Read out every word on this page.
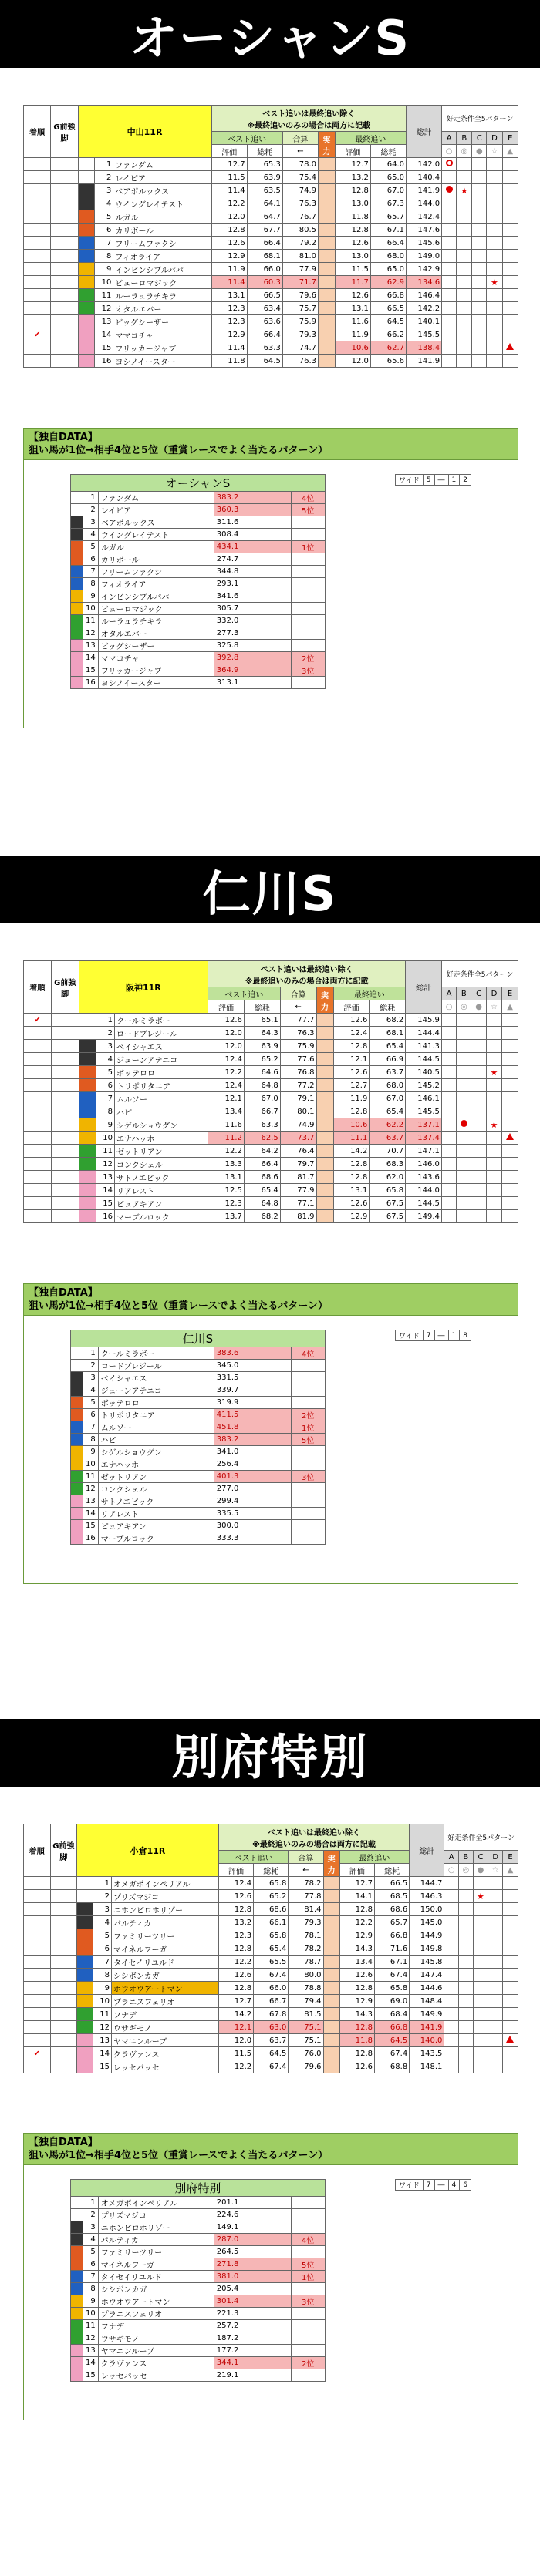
オーシャンS
着順	G前強脚	中山11R			ベスト追いは最終追い除く
※最終追いのみの場合は両方に記載						総計	好走条件全5パターン				
					ベスト追い		合算	実力	最終追い			A	B	C	D	E
					評価	総耗	←		評価	総耗		○	◎	●	☆	▲
			1	ファンダム	12.7	65.3	78.0		12.7	64.0	142.0					
			2	レイピア	11.5	63.9	75.4		13.2	65.0	140.4					
			3	ベアポルックス	11.4	63.5	74.9		12.8	67.0	141.9		★			
			4	ウイングレイテスト	12.2	64.1	76.3		13.0	67.3	144.0					
			5	ルガル	12.0	64.7	76.7		11.8	65.7	142.4					
			6	カリボール	12.8	67.7	80.5		12.8	67.1	147.6					
			7	フリームファクシ	12.6	66.4	79.2		12.6	66.4	145.6					
			8	フィオライア	12.9	68.1	81.0		13.0	68.0	149.0					
			9	インビンシブルパパ	11.9	66.0	77.9		11.5	65.0	142.9					
			10	ビューロマジック	11.4	60.3	71.7		11.7	62.9	134.6				★	
			11	ルーラュラチキラ	13.1	66.5	79.6		12.6	66.8	146.4					
			12	オタルエバー	12.3	63.4	75.7		13.1	66.5	142.2					
			13	ビッグシーザー	12.3	63.6	75.9		11.6	64.5	140.1					
✔			14	ママコチャ	12.9	66.4	79.3		11.9	66.2	145.5					
			15	フリッカージャブ	11.4	63.3	74.7		10.6	62.7	138.4					
			16	ヨシノイースター	11.8	64.5	76.3		12.0	65.6	141.9					
【独自DATA】
狙い馬が1位→相手4位と5位（重賞レースでよく当たるパターン）
オーシャンS				
	1	ファンダム	383.2	4位
	2	レイピア	360.3	5位
	3	ベアポルックス	311.6	
	4	ウイングレイテスト	308.4	
	5	ルガル	434.1	1位
	6	カリボール	274.7	
	7	フリームファクシ	344.8	
	8	フィオライア	293.1	
	9	インビンシブルパパ	341.6	
	10	ビューロマジック	305.7	
	11	ルーラュラチキラ	332.0	
	12	オタルエバー	277.3	
	13	ビッグシーザー	325.8	
	14	ママコチャ	392.8	2位
	15	フリッカージャブ	364.9	3位
	16	ヨシノイースター	313.1	
ワイド	5	―	1	2
仁川S
着順	G前強脚	阪神11R			ベスト追いは最終追い除く
※最終追いのみの場合は両方に記載						総計	好走条件全5パターン				
					ベスト追い		合算	実力	最終追い			A	B	C	D	E
					評価	総耗	←		評価	総耗		○	◎	●	☆	▲
✔			1	クールミラボー	12.6	65.1	77.7		12.6	68.2	145.9					
			2	ロードブレジール	12.0	64.3	76.3		12.4	68.1	144.4					
			3	ベイシャエス	12.0	63.9	75.9		12.8	65.4	141.3					
			4	ジューンアテニコ	12.4	65.2	77.6		12.1	66.9	144.5					
			5	ボッテロロ	12.2	64.6	76.8		12.6	63.7	140.5				★	
			6	トリポリタニア	12.4	64.8	77.2		12.7	68.0	145.2					
			7	ムルソー	12.1	67.0	79.1		11.9	67.0	146.1					
			8	ハピ	13.4	66.7	80.1		12.8	65.4	145.5					
			9	シゲルショウグン	11.6	63.3	74.9		10.6	62.2	137.1				★	
			10	エナハッホ	11.2	62.5	73.7		11.1	63.7	137.4					
			11	ゼットリアン	12.2	64.2	76.4		14.2	70.7	147.1					
			12	コンクシェル	13.3	66.4	79.7		12.8	68.3	146.0					
			13	サトノエピック	13.1	68.6	81.7		12.8	62.0	143.6					
			14	リアレスト	12.5	65.4	77.9		13.1	65.8	144.0					
			15	ピュアキアン	12.3	64.8	77.1		12.6	67.5	144.5					
			16	マーブルロック	13.7	68.2	81.9		12.9	67.5	149.4					
【独自DATA】
狙い馬が1位→相手4位と5位（重賞レースでよく当たるパターン）
仁川S				
	1	クールミラボー	383.6	4位
	2	ロードブレジール	345.0	
	3	ベイシャエス	331.5	
	4	ジューンアテニコ	339.7	
	5	ボッテロロ	319.9	
	6	トリポリタニア	411.5	2位
	7	ムルソー	451.8	1位
	8	ハピ	383.2	5位
	9	シゲルショウグン	341.0	
	10	エナハッホ	256.4	
	11	ゼットリアン	401.3	3位
	12	コンクシェル	277.0	
	13	サトノエピック	299.4	
	14	リアレスト	335.5	
	15	ピュアキアン	300.0	
	16	マーブルロック	333.3	
ワイド	7	―	1	8
別府特別
着順	G前強脚	小倉11R			ベスト追いは最終追い除く
※最終追いのみの場合は両方に記載						総計	好走条件全5パターン				
					ベスト追い		合算	実力	最終追い			A	B	C	D	E
					評価	総耗	←		評価	総耗		○	◎	●	☆	▲
			1	オメガポインペリアル	12.4	65.8	78.2		12.7	66.5	144.7					
			2	プリズマジコ	12.6	65.2	77.8		14.1	68.5	146.3			★		
			3	ニホンピロホリゾー	12.8	68.6	81.4		12.8	68.6	150.0					
			4	パルティカ	13.2	66.1	79.3		12.2	65.7	145.0					
			5	ファミリーツリー	12.3	65.8	78.1		12.9	66.8	144.9					
			6	マイネルフーガ	12.8	65.4	78.2		14.3	71.6	149.8					
			7	タイセイリユルド	12.2	65.5	78.7		13.4	67.1	145.8					
			8	シシボンカガ	12.6	67.4	80.0		12.6	67.4	147.4					
			9	ホウオウアートマン	12.8	66.0	78.8		12.8	65.8	144.6					
			10	プラニスフェリオ	12.7	66.7	79.4		12.9	69.0	148.4					
			11	フナデ	14.2	67.8	81.5		14.3	68.4	149.9					
			12	ウサギモノ	12.1	63.0	75.1		12.8	66.8	141.9					
			13	ヤマニンルーブ	12.0	63.7	75.1		11.8	64.5	140.0					
✔			14	クラヴァンス	11.5	64.5	76.0		12.8	67.4	143.5					
			15	レッセパッセ	12.2	67.4	79.6		12.6	68.8	148.1					
【独自DATA】
狙い馬が1位→相手4位と5位（重賞レースでよく当たるパターン）
別府特別				
	1	オメガポインペリアル	201.1	
	2	プリズマジコ	224.6	
	3	ニホンピロホリゾー	149.1	
	4	パルティカ	287.0	4位
	5	ファミリーツリー	264.5	
	6	マイネルフーガ	271.8	5位
	7	タイセイリユルド	381.0	1位
	8	シシボンカガ	205.4	
	9	ホウオウアートマン	301.4	3位
	10	プラニスフェリオ	221.3	
	11	フナデ	257.2	
	12	ウサギモノ	187.2	
	13	ヤマニンルーブ	177.2	
	14	クラヴァンス	344.1	2位
	15	レッセパッセ	219.1	
ワイド	7	―	4	6
